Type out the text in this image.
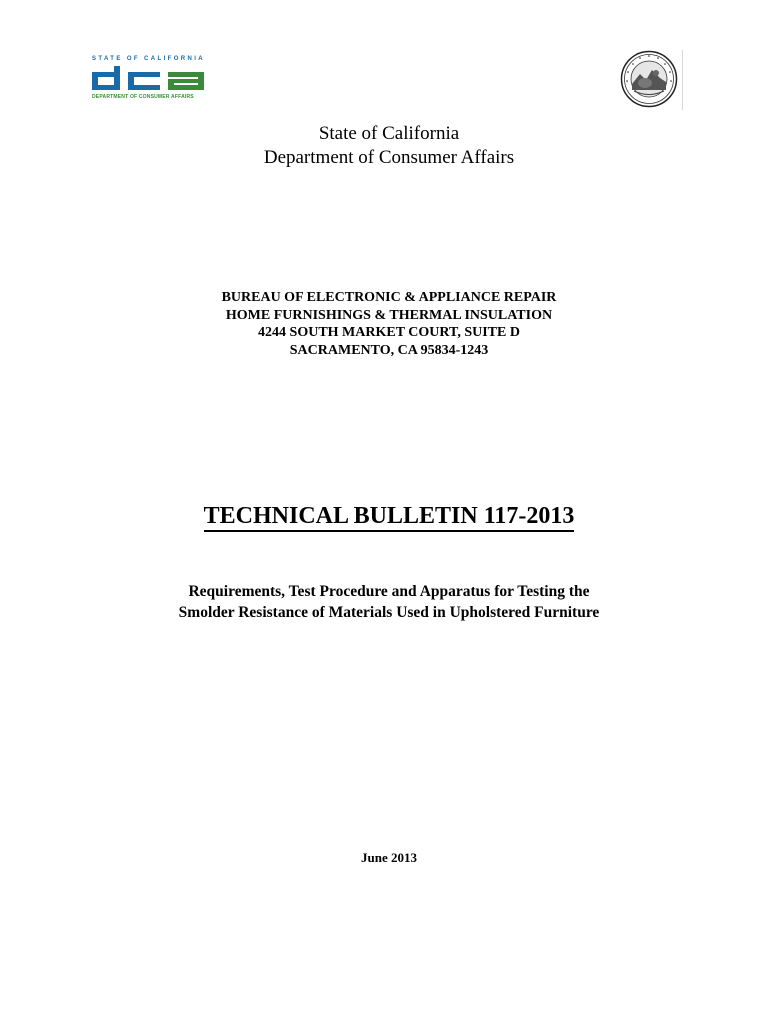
STATE OF CALIFORNIA
DEPARTMENT OF CONSUMER AFFAIRS
State of California
Department of Consumer Affairs
BUREAU OF ELECTRONIC & APPLIANCE REPAIR
HOME FURNISHINGS & THERMAL INSULATION
4244 SOUTH MARKET COURT, SUITE D
SACRAMENTO, CA 95834-1243
TECHNICAL BULLETIN 117-2013
Requirements, Test Procedure and Apparatus for Testing the
Smolder Resistance of Materials Used in Upholstered Furniture
June 2013
